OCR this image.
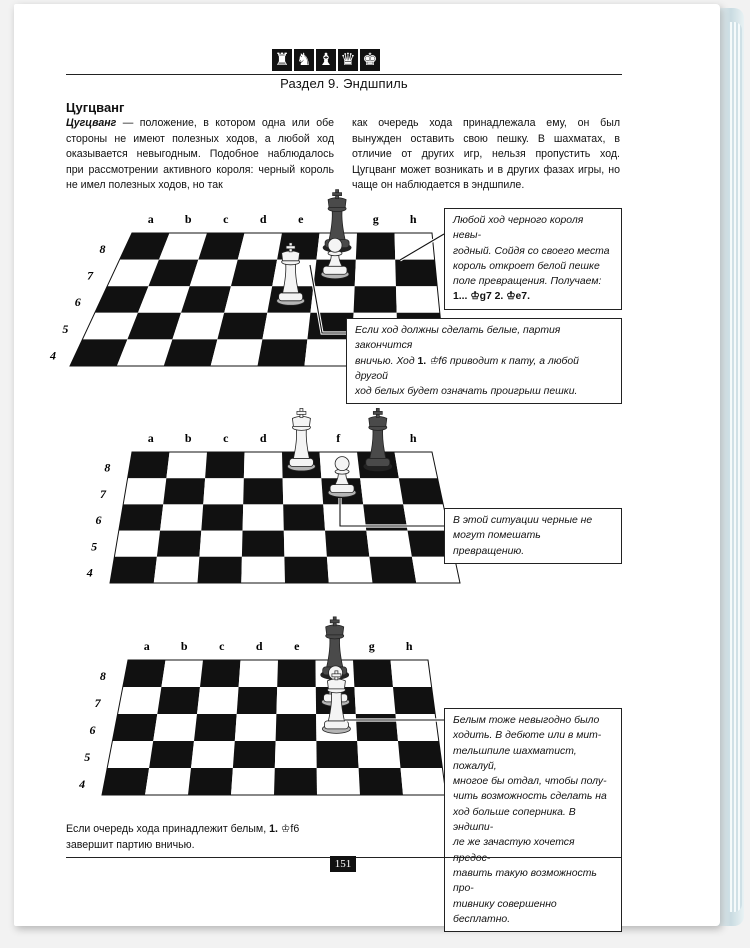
♜ ♞ ♝ ♛ ♚
Раздел 9. Эндшпиль
Цугцванг
Цугцванг — положение, в котором одна или обе стороны не имеют полезных ходов, а любой ход оказывается невыгодным. Подобное наблюдалось при рассмотрении активного короля: черный король не имел полезных ходов, но так
как очередь хода принадлежала ему, он был вынужден оставить свою пешку. В шахматах, в отличие от других игр, нельзя пропустить ход. Цугцванг может возникать и в других фазах игры, но чаще он наблюдается в эндшпиле.
a	b	c	d	e	g	h
8
7
6
5
4
Любой ход черного короля невы-
годный. Сойдя со своего места
король откроет белой пешке
поле превращения. Получаем:
1... ♔g7 2. ♔e7.
Если ход должны сделать белые, партия закончится
вничью. Ход 1. ♔f6 приводит к пату, а любой другой
ход белых будет означать проигрыш пешки.
a	b	c	d	f	h
8
7
6
5
4
В этой ситуации черные не
могут помешать превращению.
a	b	c	d	e	g	h
8
7
6
5
4
Белым тоже невыгодно было
ходить. В дебюте или в мит-
тельшпиле шахматист, пожалуй,
многое бы отдал, чтобы полу-
чить возможность сделать на
ход больше соперника. В эндшпи-
ле же зачастую хочется предос-
тавить такую возможность про-
тивнику совершенно бесплатно.
Если очередь хода принадлежит белым, 1. ♔f6 завершит партию вничью.
151
